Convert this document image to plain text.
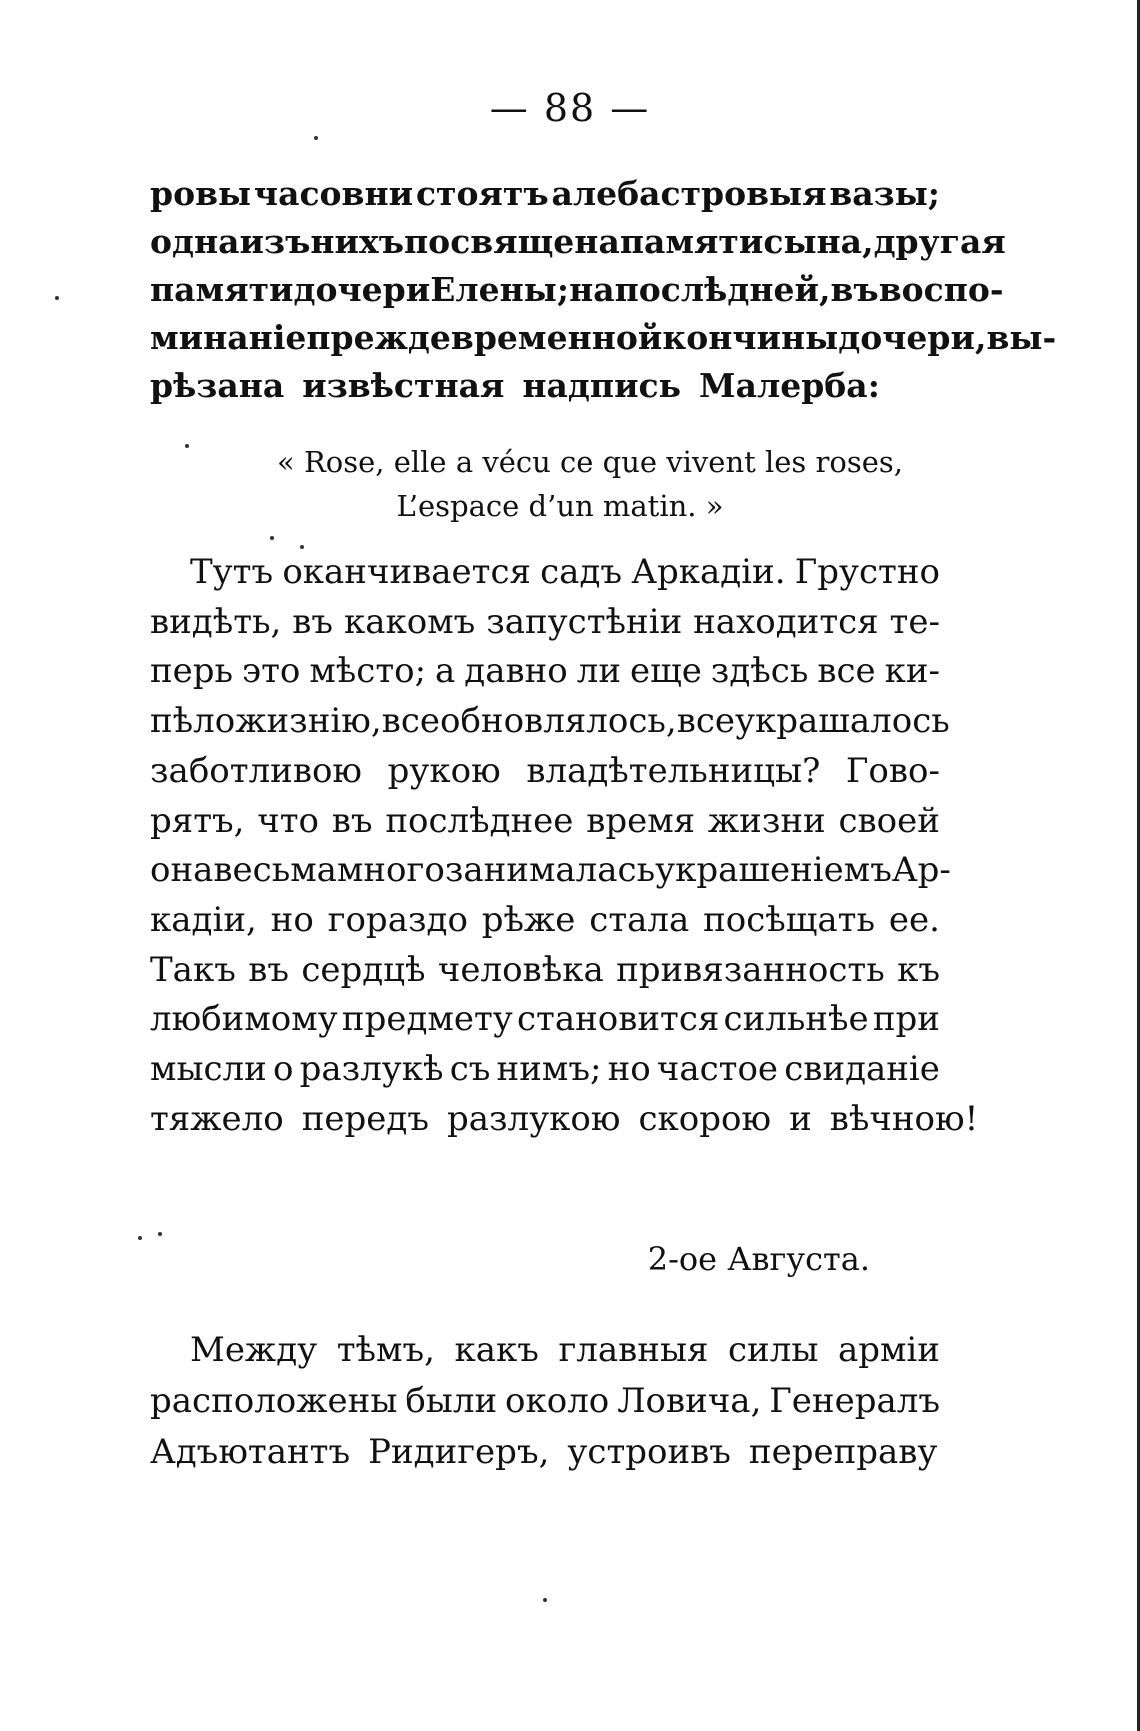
— 88 —
ровы часовни стоятъ алебастровыя вазы;
одна изъ нихъ посвящена памяти сына, другая
памяти дочери Елены; на послѣдней, въ воспо-
минанiе преждевременной кончины дочери, вы-
рѣзана извѣстная надпись Малерба:
« Rose, elle a vécu ce que vivent les roses,
L’espace d’un matin. »
Тутъ оканчивается садъ Аркадiи. Грустно
видѣть, въ какомъ запустѣнiи находится те-
перь это мѣсто; а давно ли еще здѣсь все ки-
пѣло жизнiю, все обновлялось, все украшалось
заботливою рукою владѣтельницы? Гово-
рятъ, что въ послѣднее время жизни своей
она весьма много занималась украшенiемъ Ар-
кадiи, но гораздо рѣже стала посѣщать ее.
Такъ въ сердцѣ человѣка привязанность къ
любимому предмету становится сильнѣе при
мысли о разлукѣ съ нимъ; но частое свиданiе
тяжело передъ разлукою скорою и вѣчною!
2-ое Августа.
Между тѣмъ, какъ главныя силы армiи
расположены были около Ловича, Генералъ
Адъютантъ Ридигеръ, устроивъ переправу
